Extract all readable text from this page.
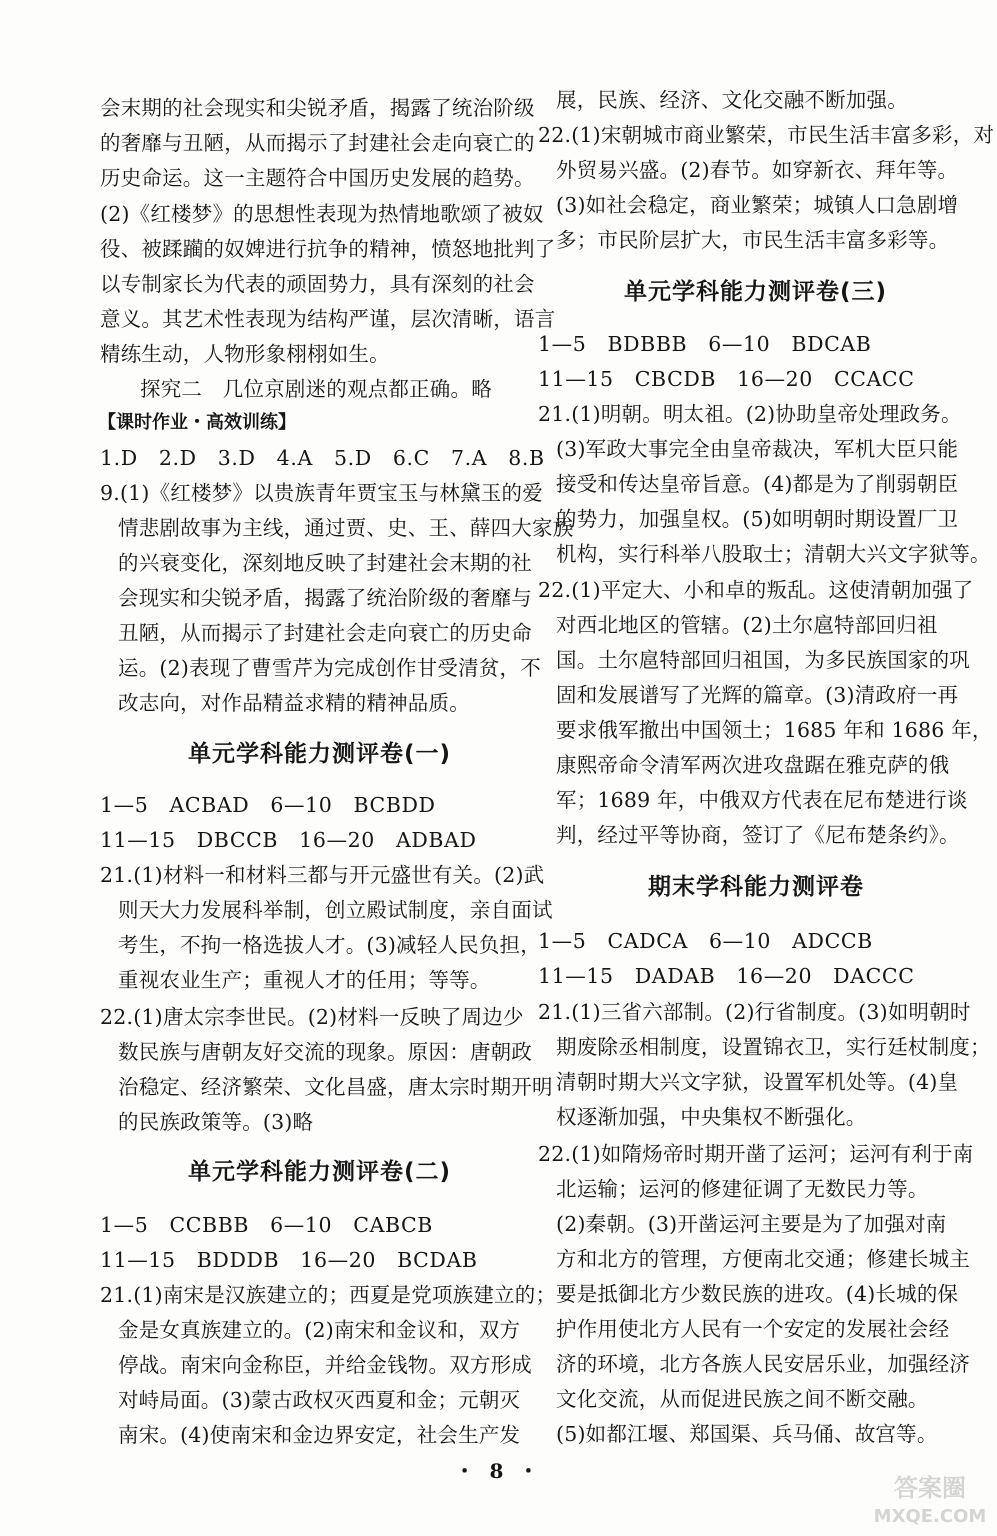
会末期的社会现实和尖锐矛盾，揭露了统治阶级
的奢靡与丑陋，从而揭示了封建社会走向衰亡的
历史命运。这一主题符合中国历史发展的趋势。
(2)《红楼梦》的思想性表现为热情地歌颂了被奴
役、被蹂躏的奴婢进行抗争的精神，愤怒地批判了
以专制家长为代表的顽固势力，具有深刻的社会
意义。其艺术性表现为结构严谨，层次清晰，语言
精练生动，人物形象栩栩如生。
探究二　几位京剧迷的观点都正确。略
【课时作业・高效训练】
1.D　2.D　3.D　4.A　5.D　6.C　7.A　8.B
9.(1)《红楼梦》以贵族青年贾宝玉与林黛玉的爱
情悲剧故事为主线，通过贾、史、王、薛四大家族
的兴衰变化，深刻地反映了封建社会末期的社
会现实和尖锐矛盾，揭露了统治阶级的奢靡与
丑陋，从而揭示了封建社会走向衰亡的历史命
运。(2)表现了曹雪芹为完成创作甘受清贫，不
改志向，对作品精益求精的精神品质。
单元学科能力测评卷(一)
1—5　ACBAD　6—10　BCBDD
11—15　DBCCB　16—20　ADBAD
21.(1)材料一和材料三都与开元盛世有关。(2)武
则天大力发展科举制，创立殿试制度，亲自面试
考生，不拘一格选拔人才。(3)减轻人民负担，
重视农业生产；重视人才的任用；等等。
22.(1)唐太宗李世民。(2)材料一反映了周边少
数民族与唐朝友好交流的现象。原因：唐朝政
治稳定、经济繁荣、文化昌盛，唐太宗时期开明
的民族政策等。(3)略
单元学科能力测评卷(二)
1—5　CCBBB　6—10　CABCB
11—15　BDDDB　16—20　BCDAB
21.(1)南宋是汉族建立的；西夏是党项族建立的；
金是女真族建立的。(2)南宋和金议和，双方
停战。南宋向金称臣，并给金钱物。双方形成
对峙局面。(3)蒙古政权灭西夏和金；元朝灭
南宋。(4)使南宋和金边界安定，社会生产发
展，民族、经济、文化交融不断加强。
22.(1)宋朝城市商业繁荣，市民生活丰富多彩，对
外贸易兴盛。(2)春节。如穿新衣、拜年等。
(3)如社会稳定，商业繁荣；城镇人口急剧增
多；市民阶层扩大，市民生活丰富多彩等。
单元学科能力测评卷(三)
1—5　BDBBB　6—10　BDCAB
11—15　CBCDB　16—20　CCACC
21.(1)明朝。明太祖。(2)协助皇帝处理政务。
(3)军政大事完全由皇帝裁决，军机大臣只能
接受和传达皇帝旨意。(4)都是为了削弱朝臣
的势力，加强皇权。(5)如明朝时期设置厂卫
机构，实行科举八股取士；清朝大兴文字狱等。
22.(1)平定大、小和卓的叛乱。这使清朝加强了
对西北地区的管辖。(2)土尔扈特部回归祖
国。土尔扈特部回归祖国，为多民族国家的巩
固和发展谱写了光辉的篇章。(3)清政府一再
要求俄军撤出中国领土；1685 年和 1686 年，
康熙帝命令清军两次进攻盘踞在雅克萨的俄
军；1689 年，中俄双方代表在尼布楚进行谈
判，经过平等协商，签订了《尼布楚条约》。
期末学科能力测评卷
1—5　CADCA　6—10　ADCCB
11—15　DADAB　16—20　DACCC
21.(1)三省六部制。(2)行省制度。(3)如明朝时
期废除丞相制度，设置锦衣卫，实行廷杖制度；
清朝时期大兴文字狱，设置军机处等。(4)皇
权逐渐加强，中央集权不断强化。
22.(1)如隋炀帝时期开凿了运河；运河有利于南
北运输；运河的修建征调了无数民力等。
(2)秦朝。(3)开凿运河主要是为了加强对南
方和北方的管理，方便南北交通；修建长城主
要是抵御北方少数民族的进攻。(4)长城的保
护作用使北方人民有一个安定的发展社会经
济的环境，北方各族人民安居乐业，加强经济
文化交流，从而促进民族之间不断交融。
(5)如都江堰、郑国渠、兵马俑、故宫等。
・ 8 ・
答案圈
MXQE.COM
